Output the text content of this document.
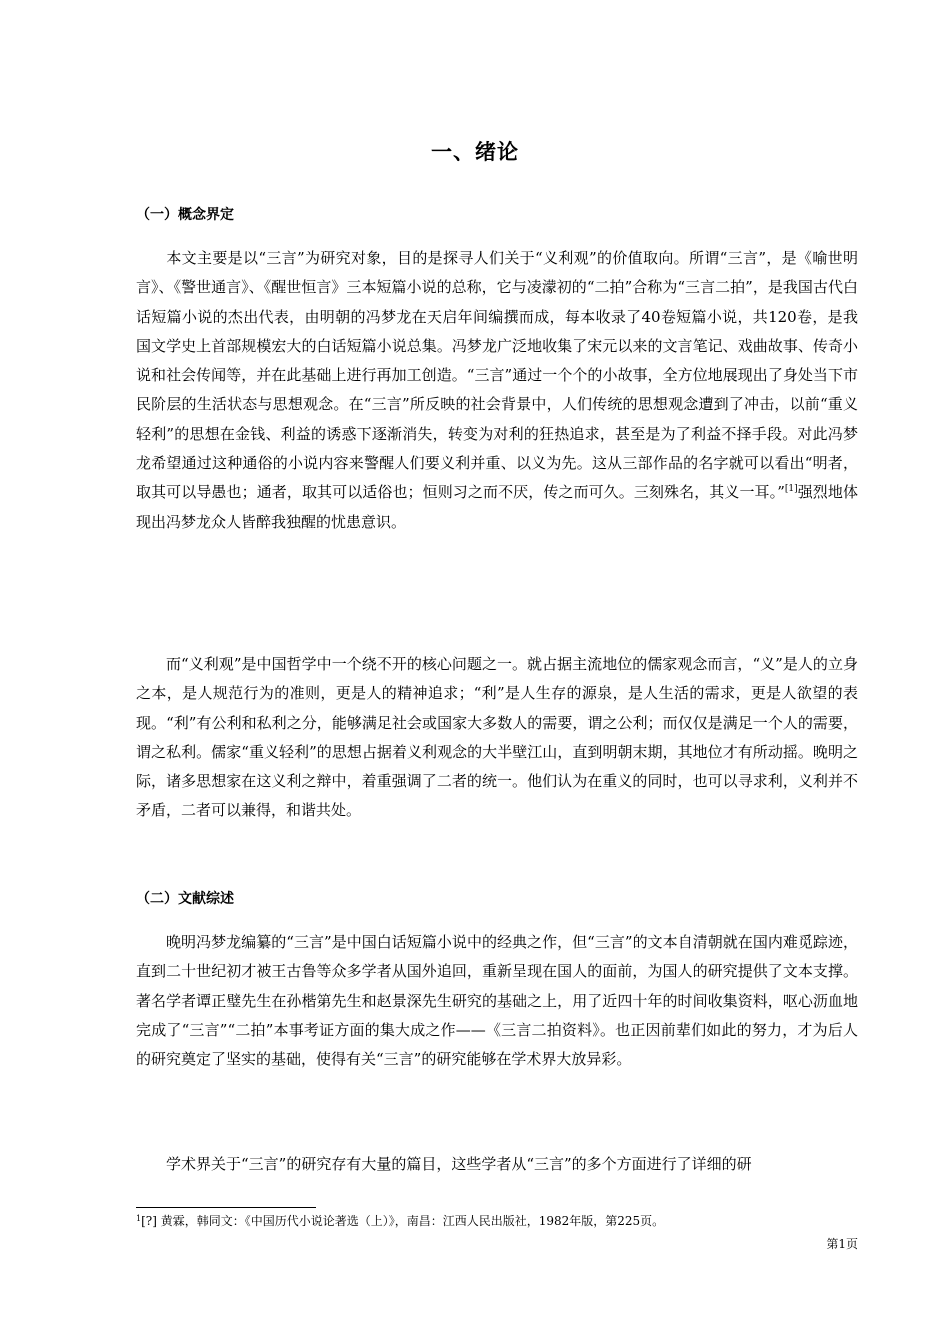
一、绪论
（一）概念界定

本文主要是以“三言”为研究对象，目的是探寻人们关于“义利观”的价值取向。所谓“三言”，是《喻世明言》、《警世通言》、《醒世恒言》三本短篇小说的总称，它与凌濛初的“二拍”合称为“三言二拍”，是我国古代白话短篇小说的杰出代表，由明朝的冯梦龙在天启年间编撰而成，每本收录了40卷短篇小说，共120卷，是我国文学史上首部规模宏大的白话短篇小说总集。冯梦龙广泛地收集了宋元以来的文言笔记、戏曲故事、传奇小说和社会传闻等，并在此基础上进行再加工创造。“三言”通过一个个的小故事，全方位地展现出了身处当下市民阶层的生活状态与思想观念。在“三言”所反映的社会背景中，人们传统的思想观念遭到了冲击，以前“重义轻利”的思想在金钱、利益的诱惑下逐渐消失，转变为对利的狂热追求，甚至是为了利益不择手段。对此冯梦龙希望通过这种通俗的小说内容来警醒人们要义利并重、以义为先。这从三部作品的名字就可以看出“明者，取其可以导愚也；通者，取其可以适俗也；恒则习之而不厌，传之而可久。三刻殊名，其义一耳。”[1]强烈地体现出冯梦龙众人皆醉我独醒的忧患意识。

而“义利观”是中国哲学中一个绕不开的核心问题之一。就占据主流地位的儒家观念而言，“义”是人的立身之本，是人规范行为的准则，更是人的精神追求；“利”是人生存的源泉，是人生活的需求，更是人欲望的表现。“利”有公利和私利之分，能够满足社会或国家大多数人的需要，谓之公利；而仅仅是满足一个人的需要，谓之私利。儒家“重义轻利”的思想占据着义利观念的大半壁江山，直到明朝末期，其地位才有所动摇。晚明之际，诸多思想家在这义利之辩中，着重强调了二者的统一。他们认为在重义的同时，也可以寻求利，义利并不矛盾，二者可以兼得，和谐共处。

（二）文献综述

晚明冯梦龙编纂的“三言”是中国白话短篇小说中的经典之作，但“三言”的文本自清朝就在国内难觅踪迹，直到二十世纪初才被王古鲁等众多学者从国外追回，重新呈现在国人的面前，为国人的研究提供了文本支撑。著名学者谭正璧先生在孙楷第先生和赵景深先生研究的基础之上，用了近四十年的时间收集资料，呕心沥血地完成了“三言”“二拍”本事考证方面的集大成之作——《三言二拍资料》。也正因前辈们如此的努力，才为后人的研究奠定了坚实的基础，使得有关“三言”的研究能够在学术界大放异彩。

学术界关于“三言”的研究存有大量的篇目，这些学者从“三言”的多个方面进行了详细的研

$^1$[?] 黄霖，韩同文：《中国历代小说论著选（上）》，南昌：江西人民出版社，1982年版，第225页。
第1页
